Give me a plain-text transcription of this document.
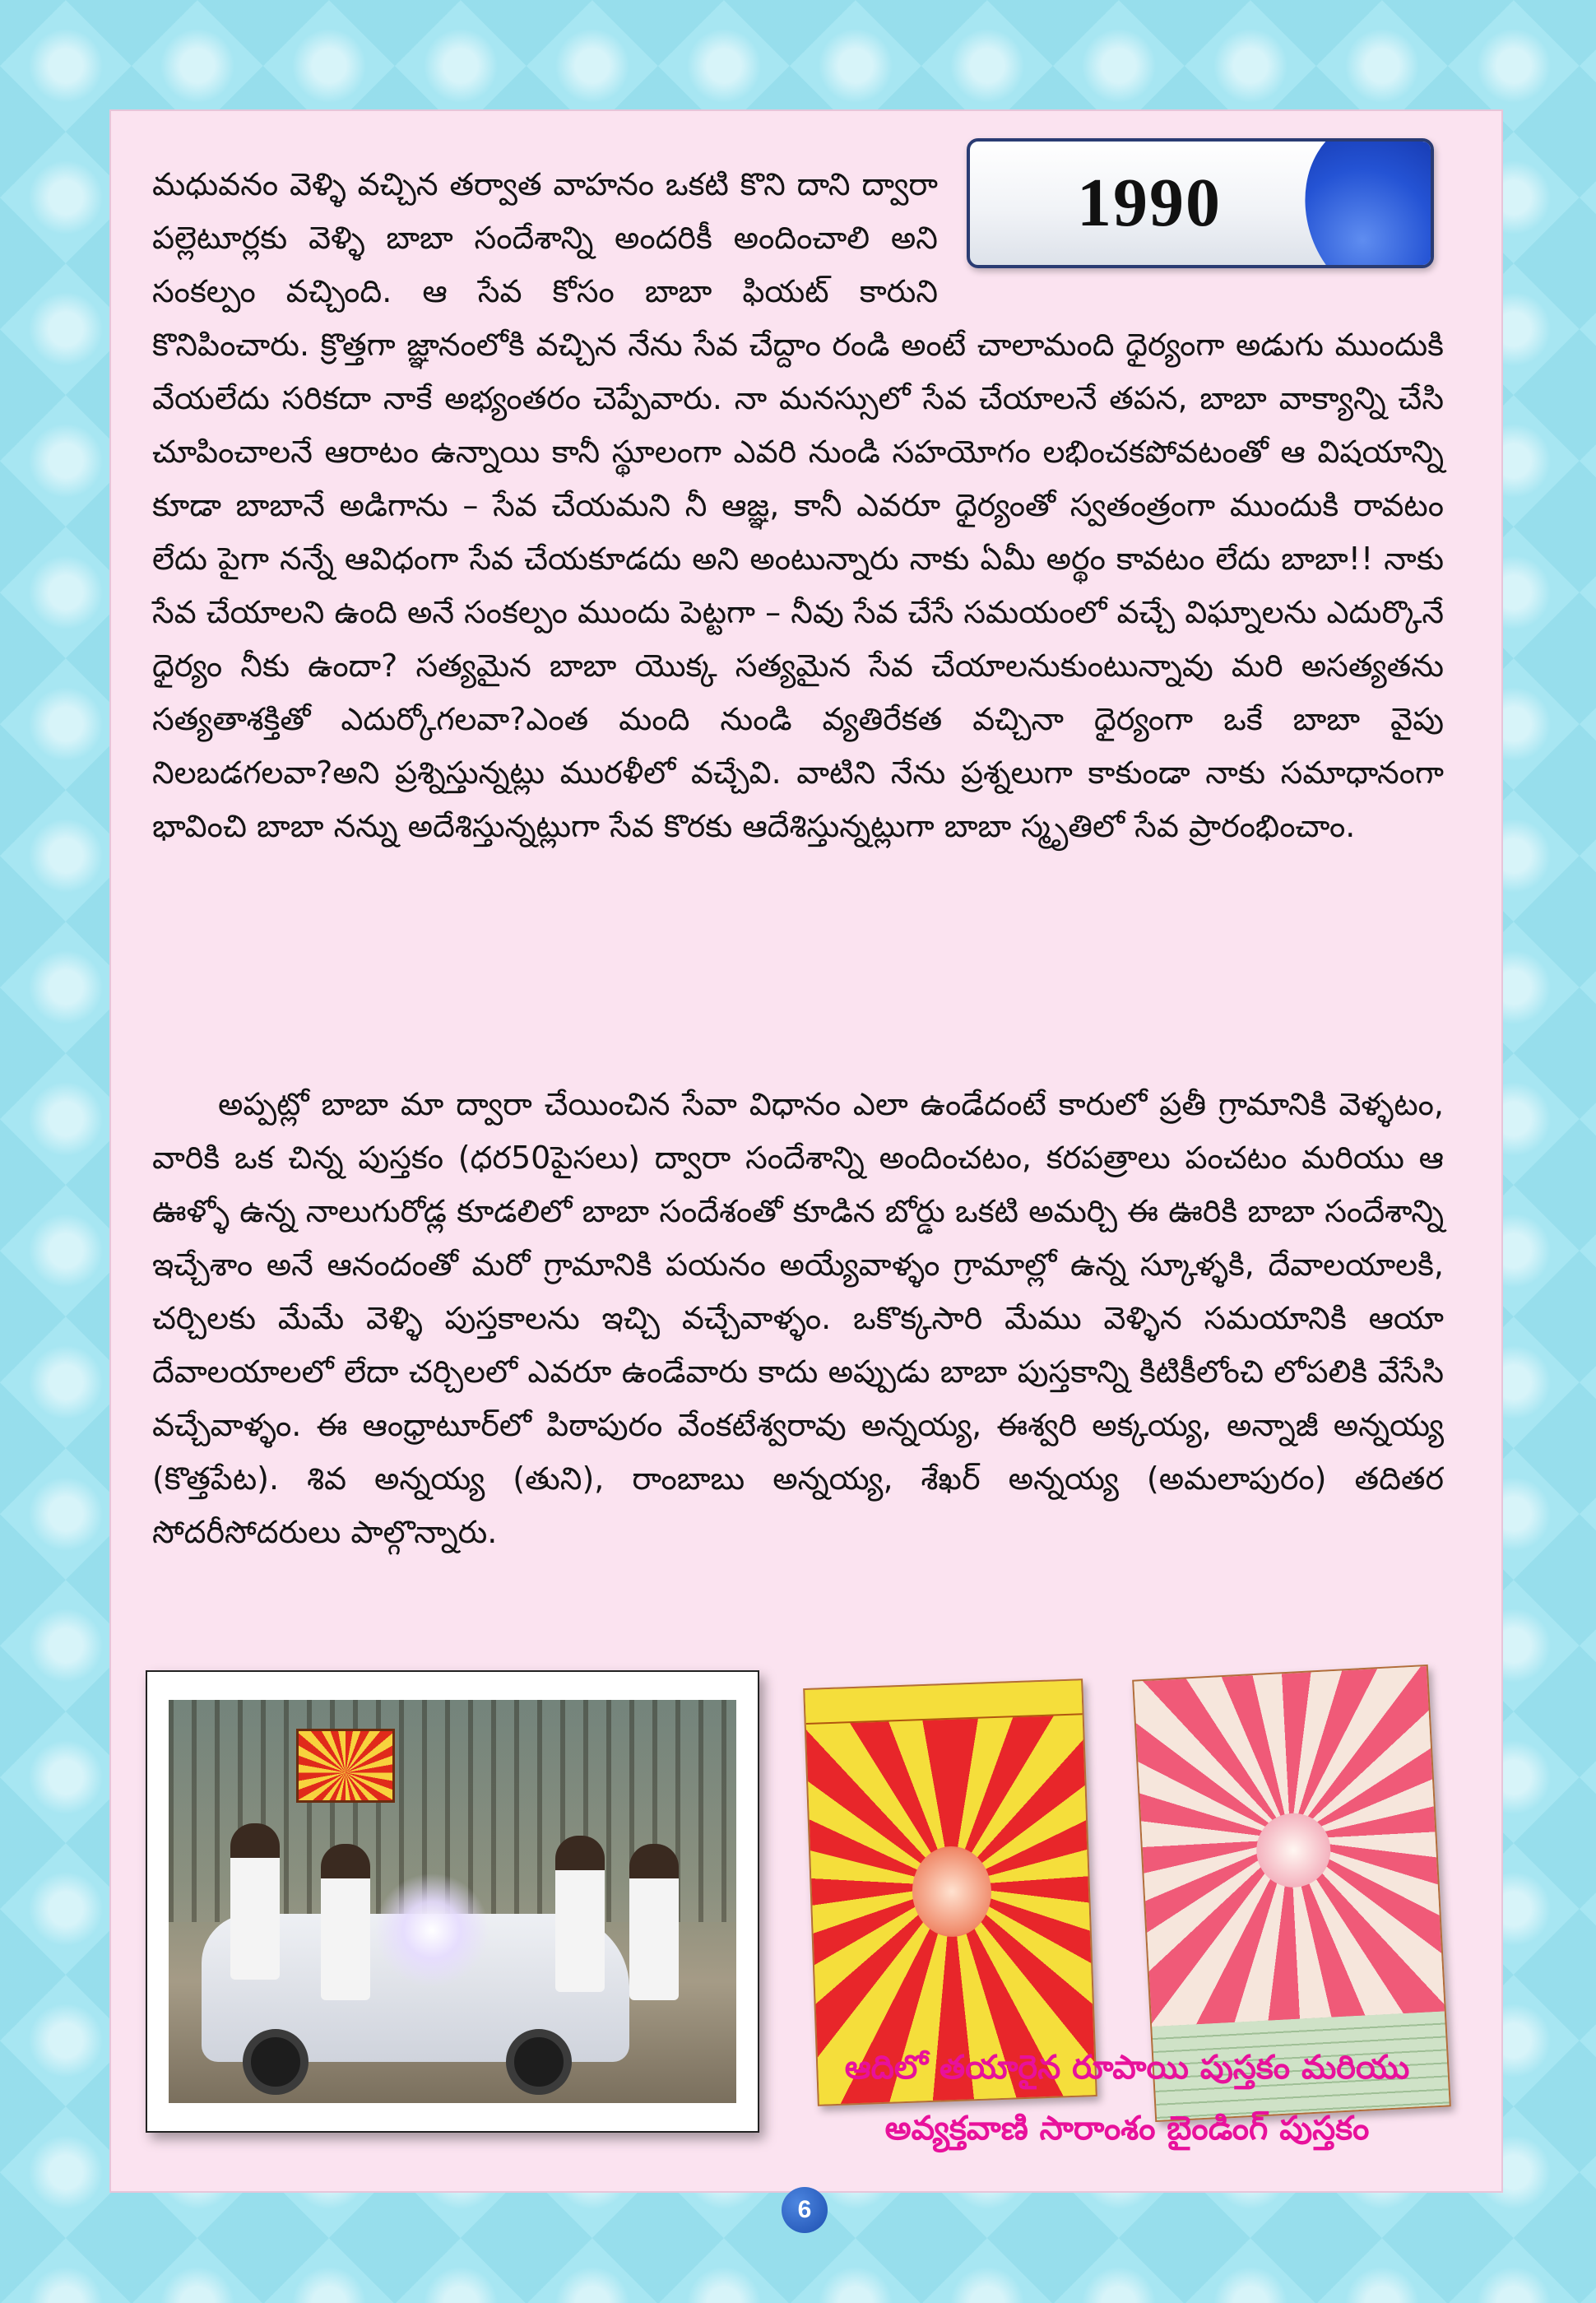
1990
మధువనం వెళ్ళి వచ్చిన తర్వాత వాహనం ఒకటి కొని దాని ద్వారా పల్లెటూర్లకు వెళ్ళి బాబా సందేశాన్ని అందరికీ అందించాలి అని సంకల్పం వచ్చింది. ఆ సేవ కోసం బాబా ఫియట్ కారుని కొనిపించారు. క్రొత్తగా జ్ఞానంలోకి వచ్చిన నేను సేవ చేద్దాం రండి అంటే చాలామంది ధైర్యంగా అడుగు ముందుకి వేయలేదు సరికదా నాకే అభ్యంతరం చెప్పేవారు. నా మనస్సులో సేవ చేయాలనే తపన, బాబా వాక్యాన్ని చేసి చూపించాలనే ఆరాటం ఉన్నాయి కానీ స్థూలంగా ఎవరి నుండి సహయోగం లభించకపోవటంతో ఆ విషయాన్ని కూడా బాబానే అడిగాను – సేవ చేయమని నీ ఆజ్ఞ, కానీ ఎవరూ ధైర్యంతో స్వతంత్రంగా ముందుకి రావటం లేదు పైగా నన్నే ఆవిధంగా సేవ చేయకూడదు అని అంటున్నారు నాకు ఏమీ అర్థం కావటం లేదు బాబా!! నాకు సేవ చేయాలని ఉంది అనే సంకల్పం ముందు పెట్టగా – నీవు సేవ చేసే సమయంలో వచ్చే విఘ్నాలను ఎదుర్కొనే ధైర్యం నీకు ఉందా? సత్యమైన బాబా యొక్క సత్యమైన సేవ చేయాలనుకుంటున్నావు మరి అసత్యతను సత్యతాశక్తితో ఎదుర్కోగలవా?ఎంత మంది నుండి వ్యతిరేకత వచ్చినా ధైర్యంగా ఒకే బాబా వైపు నిలబడగలవా?అని ప్రశ్నిస్తున్నట్లు మురళీలో వచ్చేవి. వాటిని నేను ప్రశ్నలుగా కాకుండా నాకు సమాధానంగా భావించి బాబా నన్ను అదేశిస్తున్నట్లుగా సేవ కొరకు ఆదేశిస్తున్నట్లుగా బాబా స్మృతిలో సేవ ప్రారంభించాం.
అప్పట్లో బాబా మా ద్వారా చేయించిన సేవా విధానం ఎలా ఉండేదంటే కారులో ప్రతీ గ్రామానికి వెళ్ళటం, వారికి ఒక చిన్న పుస్తకం (ధర50పైసలు) ద్వారా సందేశాన్ని అందించటం, కరపత్రాలు పంచటం మరియు ఆ ఊళ్ళో ఉన్న నాలుగురోడ్ల కూడలిలో బాబా సందేశంతో కూడిన బోర్డు ఒకటి అమర్చి ఈ ఊరికి బాబా సందేశాన్ని ఇచ్చేశాం అనే ఆనందంతో మరో గ్రామానికి పయనం అయ్యేవాళ్ళం గ్రామాల్లో ఉన్న స్కూళ్ళకి, దేవాలయాలకి, చర్చిలకు మేమే వెళ్ళి పుస్తకాలను ఇచ్చి వచ్చేవాళ్ళం. ఒకొక్కసారి మేము వెళ్ళిన సమయానికి ఆయా దేవాలయాలలో లేదా చర్చిలలో ఎవరూ ఉండేవారు కాదు అప్పుడు బాబా పుస్తకాన్ని కిటికీలోంచి లోపలికి వేసేసి వచ్చేవాళ్ళం. ఈ ఆంధ్రాటూర్‌లో పిఠాపురం వేంకటేశ్వరావు అన్నయ్య, ఈశ్వరి అక్కయ్య, అన్నాజీ అన్నయ్య (కొత్తపేట). శివ అన్నయ్య (తుని), రాంబాబు అన్నయ్య, శేఖర్ అన్నయ్య (అమలాపురం) తదితర సోదరీసోదరులు పాల్గొన్నారు.
ఆదిలో తయారైన రూపాయి పుస్తకం మరియు
అవ్యక్తవాణి సారాంశం బైండింగ్ పుస్తకం
6
